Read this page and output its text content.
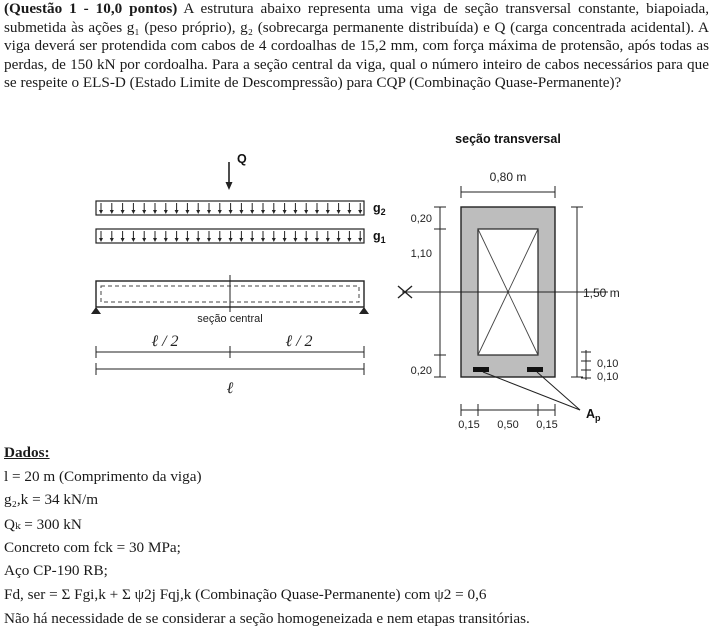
(Questão 1 - 10,0 pontos) A estrutura abaixo representa uma viga de seção transversal constante, biapoiada, submetida às ações g₁ (peso próprio), g₂ (sobrecarga permanente distribuída) e Q (carga concentrada acidental). A viga deverá ser protendida com cabos de 4 cordoalhas de 15,2 mm, com força máxima de protensão, após todas as perdas, de 150 kN por cordoalha. Para a seção central da viga, qual o número inteiro de cabos necessários para que se respeite o ELS-D (Estado Limite de Descompressão) para CQP (Combinação Quase-Permanente)?

Q
$g_2$
$g_1$
seção central
ℓ / 2	ℓ / 2
ℓ
seção transversal
0,80 m
0,20
1,10
0,20
1,50 m
0,10
0,10
$A_p$
0,15 0,50 0,15
Dados:
l = 20 m (Comprimento da viga)
g₂,k = 34 kN/m
Qₖ = 300 kN
Concreto com fck = 30 MPa;
Aço CP-190 RB;
Fd, ser = Σ Fgi,k + Σ ψ2j Fqj,k (Combinação Quase-Permanente) com ψ2 = 0,6
Não há necessidade de se considerar a seção homogeneizada e nem etapas transitórias.
